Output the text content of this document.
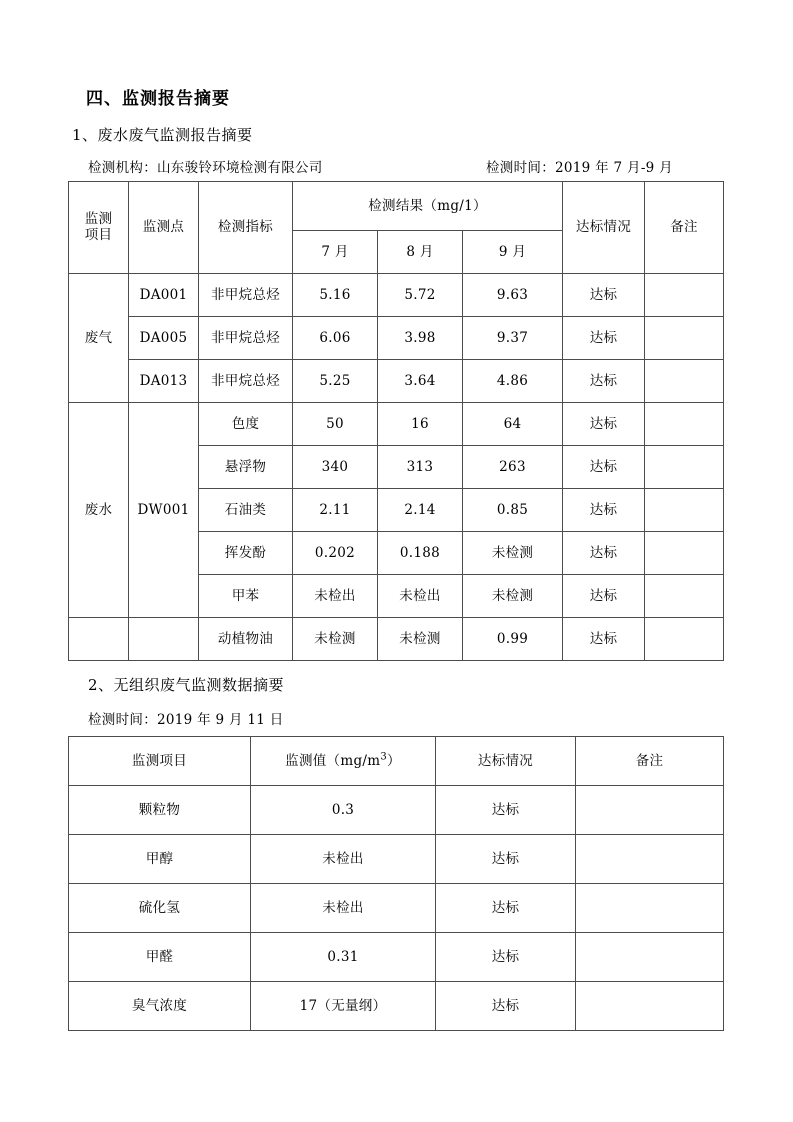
四、监测报告摘要
1、废水废气监测报告摘要
检测机构：山东骏铃环境检测有限公司	检测时间：2019 年 7 月-9 月
监测
项目	监测点	检测指标	检测结果（mg/1）			达标情况	备注
			7 月	8 月	9 月		
废气	DA001	非甲烷总烃	5.16	5.72	9.63	达标	
	DA005	非甲烷总烃	6.06	3.98	9.37	达标	
	DA013	非甲烷总烃	5.25	3.64	4.86	达标	
废水	DW001	色度	50	16	64	达标	
		悬浮物	340	313	263	达标	
		石油类	2.11	2.14	0.85	达标	
		挥发酚	0.202	0.188	未检测	达标	
		甲苯	未检出	未检出	未检测	达标	
		动植物油	未检测	未检测	0.99	达标	
2、无组织废气监测数据摘要
检测时间：2019 年 9 月 11 日
监测项目	监测值$(mg/m^3)$	达标情况	备注
颗粒物	0.3	达标	
甲醇	未检出	达标	
硫化氢	未检出	达标	
甲醛	0.31	达标	
臭气浓度	17（无量纲）	达标	
